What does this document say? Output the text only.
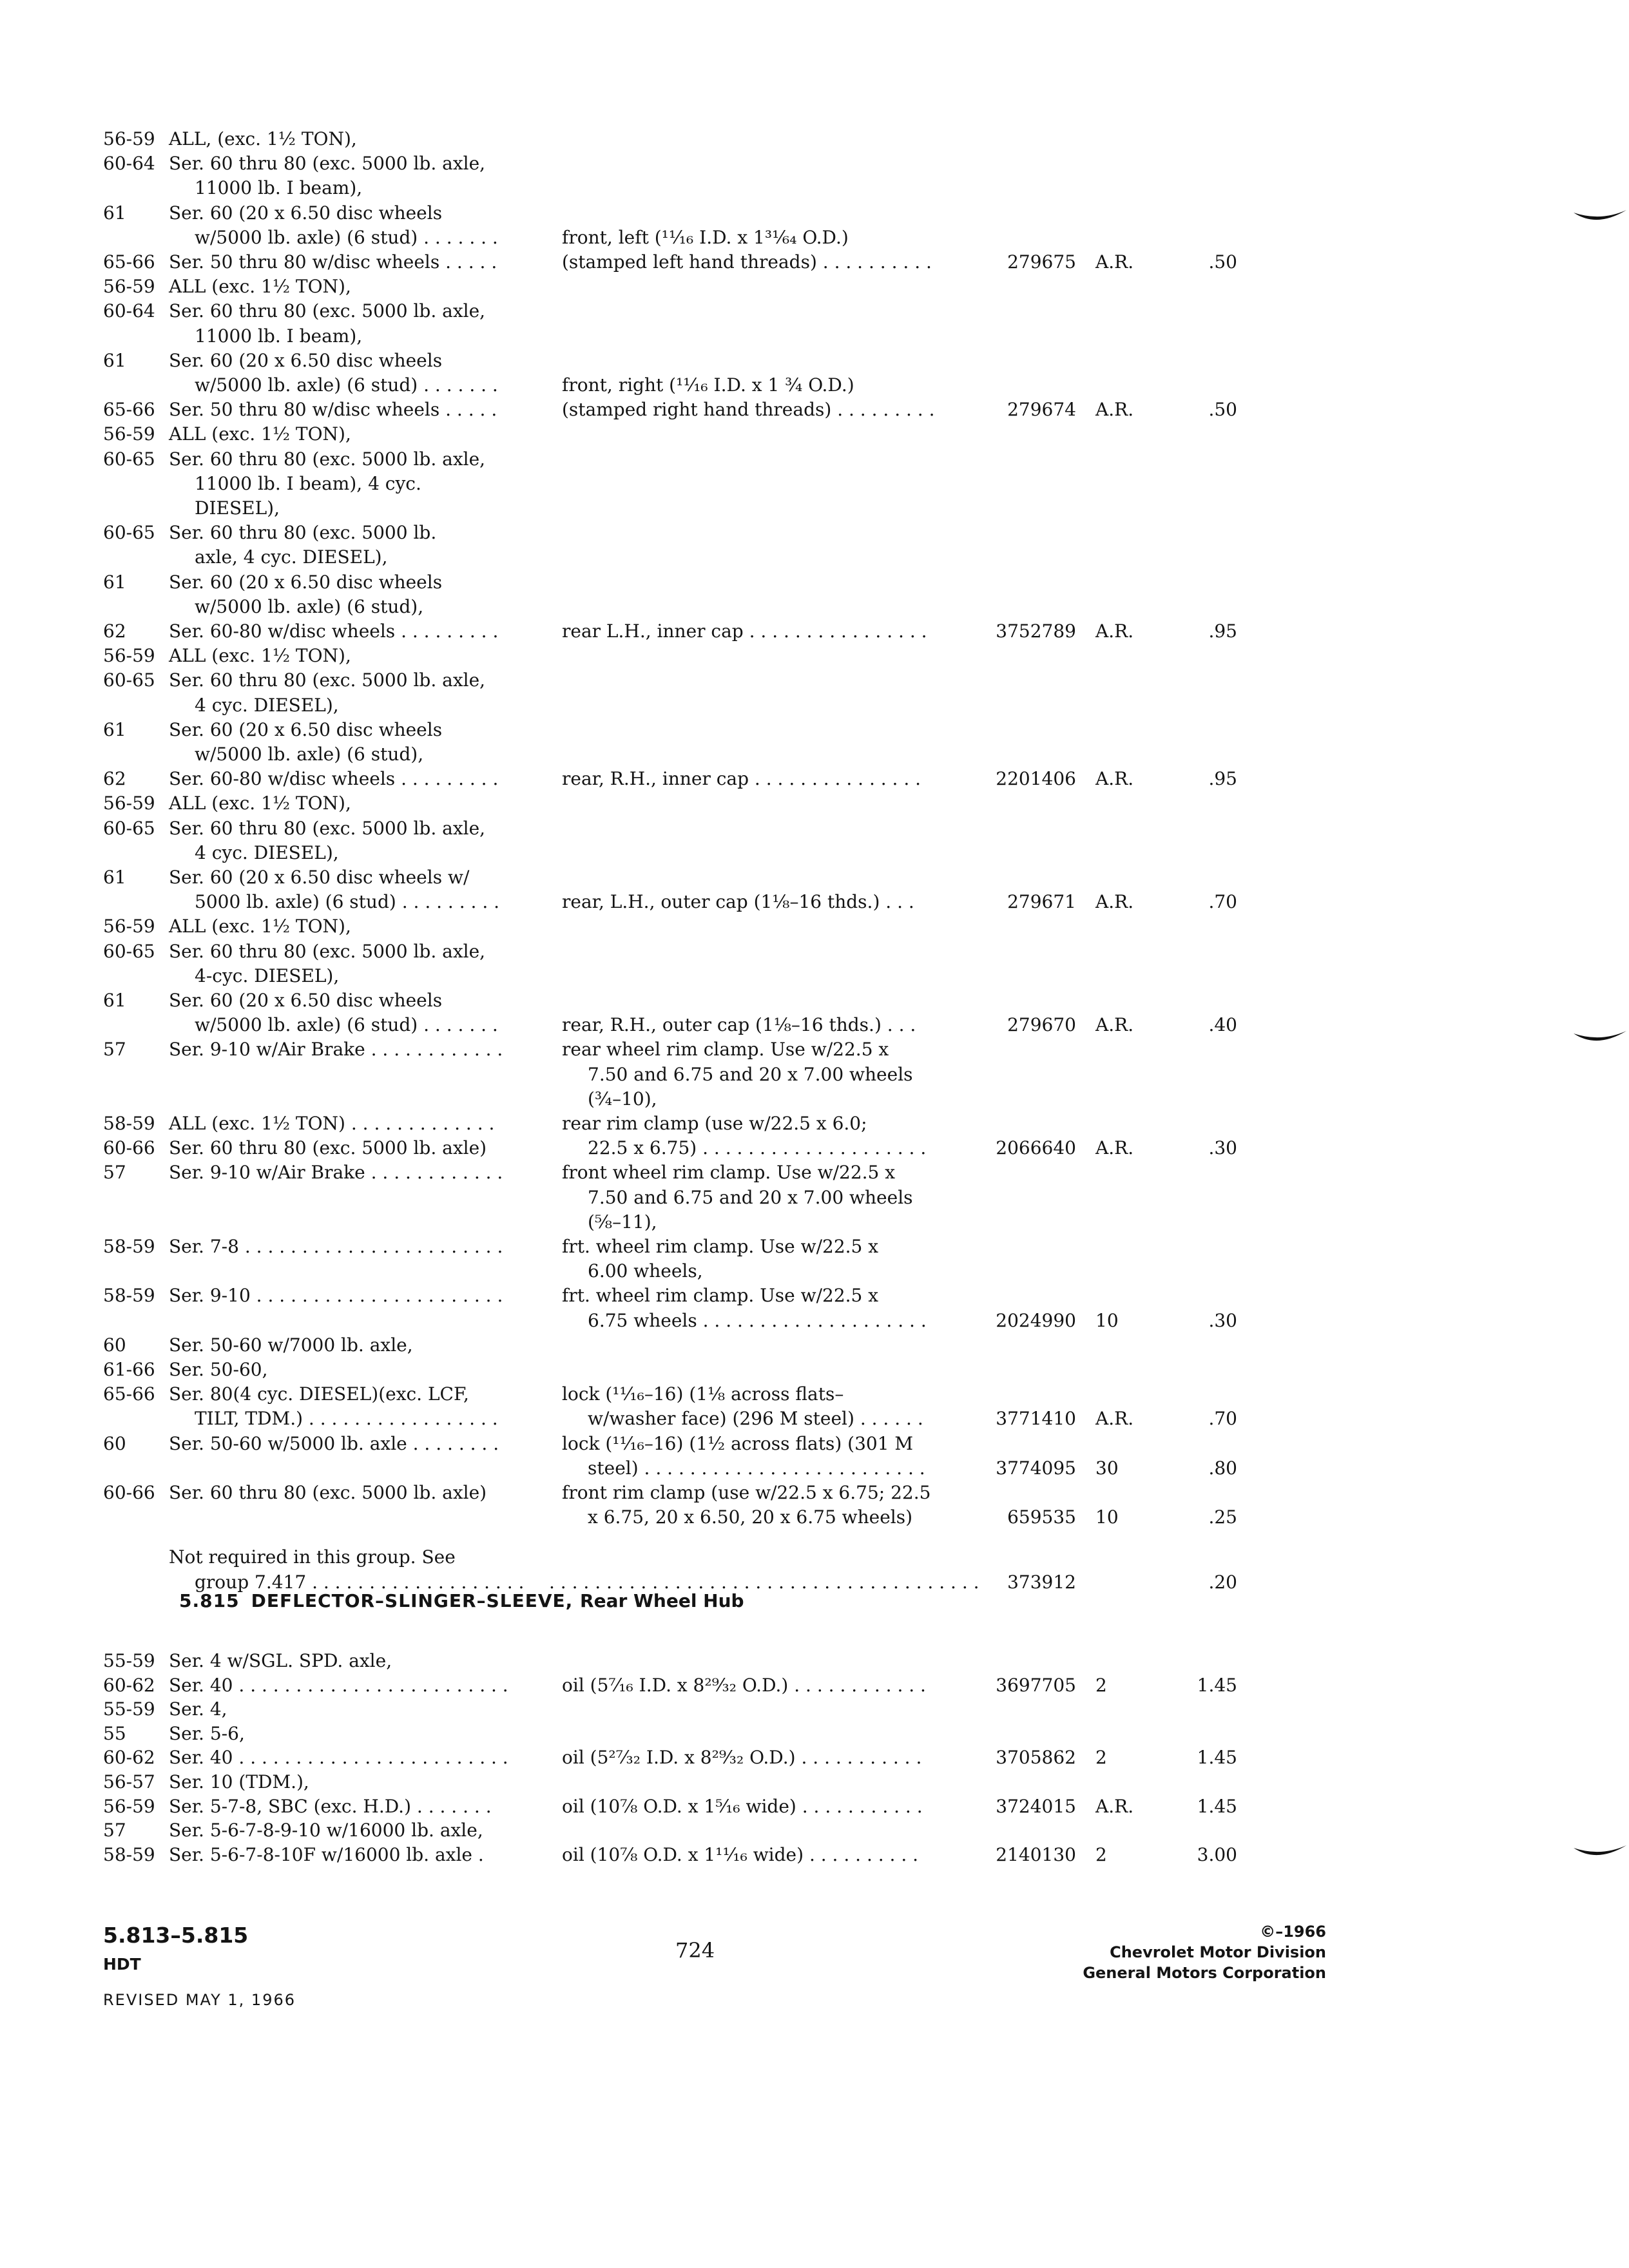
56-59 ALL, (exc. 1½ TON),
60-64 Ser. 60 thru 80 (exc. 5000 lb. axle,
11000 lb. I beam),
61 Ser. 60 (20 x 6.50 disc wheels
w/5000 lb. axle) (6 stud) . . . . . . .	front, left (¹¹⁄₁₆ I.D. x 1³¹⁄₆₄ O.D.)
65-66 Ser. 50 thru 80 w/disc wheels . . . . .	(stamped left hand threads) . . . . . . . . . .	279675 A.R.	.50
56-59 ALL (exc. 1½ TON),
60-64 Ser. 60 thru 80 (exc. 5000 lb. axle,
11000 lb. I beam),
61 Ser. 60 (20 x 6.50 disc wheels
w/5000 lb. axle) (6 stud) . . . . . . .	front, right (¹¹⁄₁₆ I.D. x 1 ¾ O.D.)
65-66 Ser. 50 thru 80 w/disc wheels . . . . .	(stamped right hand threads) . . . . . . . . .	279674 A.R.	.50
56-59 ALL (exc. 1½ TON),
60-65 Ser. 60 thru 80 (exc. 5000 lb. axle,
11000 lb. I beam), 4 cyc.
DIESEL),
60-65 Ser. 60 thru 80 (exc. 5000 lb.
axle, 4 cyc. DIESEL),
61 Ser. 60 (20 x 6.50 disc wheels
w/5000 lb. axle) (6 stud),
62 Ser. 60-80 w/disc wheels . . . . . . . . .	rear L.H., inner cap . . . . . . . . . . . . . . . .	3752789 A.R.	.95
56-59 ALL (exc. 1½ TON),
60-65 Ser. 60 thru 80 (exc. 5000 lb. axle,
4 cyc. DIESEL),
61 Ser. 60 (20 x 6.50 disc wheels
w/5000 lb. axle) (6 stud),
62 Ser. 60-80 w/disc wheels . . . . . . . . .	rear, R.H., inner cap . . . . . . . . . . . . . . .	2201406 A.R.	.95
56-59 ALL (exc. 1½ TON),
60-65 Ser. 60 thru 80 (exc. 5000 lb. axle,
4 cyc. DIESEL),
61 Ser. 60 (20 x 6.50 disc wheels w/
5000 lb. axle) (6 stud) . . . . . . . . .	rear, L.H., outer cap (1⅛–16 thds.) . . .	279671 A.R.	.70
56-59 ALL (exc. 1½ TON),
60-65 Ser. 60 thru 80 (exc. 5000 lb. axle,
4-cyc. DIESEL),
61 Ser. 60 (20 x 6.50 disc wheels
w/5000 lb. axle) (6 stud) . . . . . . .	rear, R.H., outer cap (1⅛–16 thds.) . . .	279670 A.R.	.40
57 Ser. 9-10 w/Air Brake . . . . . . . . . . . .	rear wheel rim clamp. Use w/22.5 x
7.50 and 6.75 and 20 x 7.00 wheels
(¾–10),
58-59 ALL (exc. 1½ TON) . . . . . . . . . . . . .	rear rim clamp (use w/22.5 x 6.0;
60-66 Ser. 60 thru 80 (exc. 5000 lb. axle)	22.5 x 6.75) . . . . . . . . . . . . . . . . . . . .	2066640 A.R.	.30
57 Ser. 9-10 w/Air Brake . . . . . . . . . . . .	front wheel rim clamp. Use w/22.5 x
7.50 and 6.75 and 20 x 7.00 wheels
(⅝–11),
58-59 Ser. 7-8 . . . . . . . . . . . . . . . . . . . . . . .	frt. wheel rim clamp. Use w/22.5 x
6.00 wheels,
58-59 Ser. 9-10 . . . . . . . . . . . . . . . . . . . . . .	frt. wheel rim clamp. Use w/22.5 x
6.75 wheels . . . . . . . . . . . . . . . . . . . .	2024990 10	.30
60 Ser. 50-60 w/7000 lb. axle,
61-66 Ser. 50-60,
65-66 Ser. 80(4 cyc. DIESEL)(exc. LCF,	lock (¹¹⁄₁₆–16) (1⅛ across flats–
TILT, TDM.) . . . . . . . . . . . . . . . . .	w/washer face) (296 M steel) . . . . . .	3771410 A.R.	.70
60 Ser. 50-60 w/5000 lb. axle . . . . . . . .	lock (¹¹⁄₁₆–16) (1½ across flats) (301 M
steel) . . . . . . . . . . . . . . . . . . . . . . . . .	3774095 30	.80
60-66 Ser. 60 thru 80 (exc. 5000 lb. axle)	front rim clamp (use w/22.5 x 6.75; 22.5
x 6.75, 20 x 6.50, 20 x 6.75 wheels)	659535 10	.25
Not required in this group. See
group 7.417 . . . . . . . . . . . . . . . . . . . . . . . . . . . . . . . . . . . . . . . . . . . . . . . . . . . . . . . . .	373912	.20
55-59 Ser. 4 w/SGL. SPD. axle,
60-62 Ser. 40 . . . . . . . . . . . . . . . . . . . . . . . .	oil (5⁷⁄₁₆ I.D. x 8²⁹⁄₃₂ O.D.) . . . . . . . . . . . .	3697705 2	1.45
55-59 Ser. 4,
55 Ser. 5-6,
60-62 Ser. 40 . . . . . . . . . . . . . . . . . . . . . . . .	oil (5²⁷⁄₃₂ I.D. x 8²⁹⁄₃₂ O.D.) . . . . . . . . . . .	3705862 2	1.45
56-57 Ser. 10 (TDM.),
56-59 Ser. 5-7-8, SBC (exc. H.D.) . . . . . . .	oil (10⅞ O.D. x 1⁵⁄₁₆ wide) . . . . . . . . . . .	3724015 A.R.	1.45
57 Ser. 5-6-7-8-9-10 w/16000 lb. axle,
58-59 Ser. 5-6-7-8-10F w/16000 lb. axle .	oil (10⅞ O.D. x 1¹¹⁄₁₆ wide) . . . . . . . . . .	2140130 2	3.00
5.815 DEFLECTOR–SLINGER–SLEEVE, Rear Wheel Hub
5.813–5.815
HDT
REVISED MAY 1, 1966
724
©–1966
Chevrolet Motor Division
General Motors Corporation
